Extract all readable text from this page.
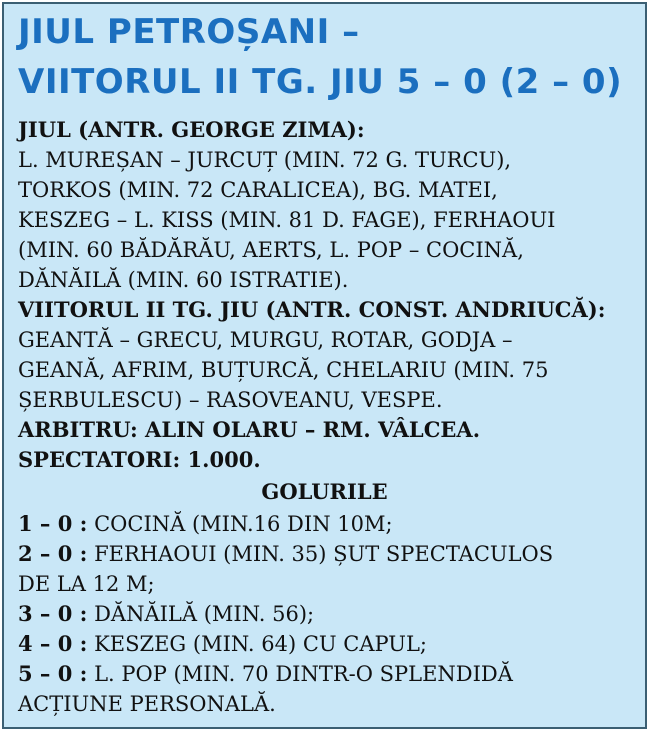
JIUL PETROȘANI –
VIITORUL II TG. JIU 5 – 0 (2 – 0)
JIUL (ANTR. GEORGE ZIMA):
L. MUREȘAN – JURCUȚ (MIN. 72 G. TURCU),
TORKOS (MIN. 72 CARALICEA), BG. MATEI,
KESZEG – L. KISS (MIN. 81 D. FAGE), FERHAOUI
(MIN. 60 BĂDĂRĂU, AERTS, L. POP – COCINĂ,
DĂNĂILĂ (MIN. 60 ISTRATIE).
VIITORUL II TG. JIU (ANTR. CONST. ANDRIUCĂ):
GEANTĂ – GRECU, MURGU, ROTAR, GODJA –
GEANĂ, AFRIM, BUȚURCĂ, CHELARIU (MIN. 75
ȘERBULESCU) – RASOVEANU, VESPE.
ARBITRU: ALIN OLARU – RM. VÂLCEA.
SPECTATORI: 1.000.
GOLURILE
1 – 0 : COCINĂ (MIN.16 DIN 10M;
2 – 0 : FERHAOUI (MIN. 35) ȘUT SPECTACULOS
DE LA 12 M;
3 – 0 : DĂNĂILĂ (MIN. 56);
4 – 0 : KESZEG (MIN. 64) CU CAPUL;
5 – 0 : L. POP (MIN. 70 DINTR-O SPLENDIDĂ
ACȚIUNE PERSONALĂ.
